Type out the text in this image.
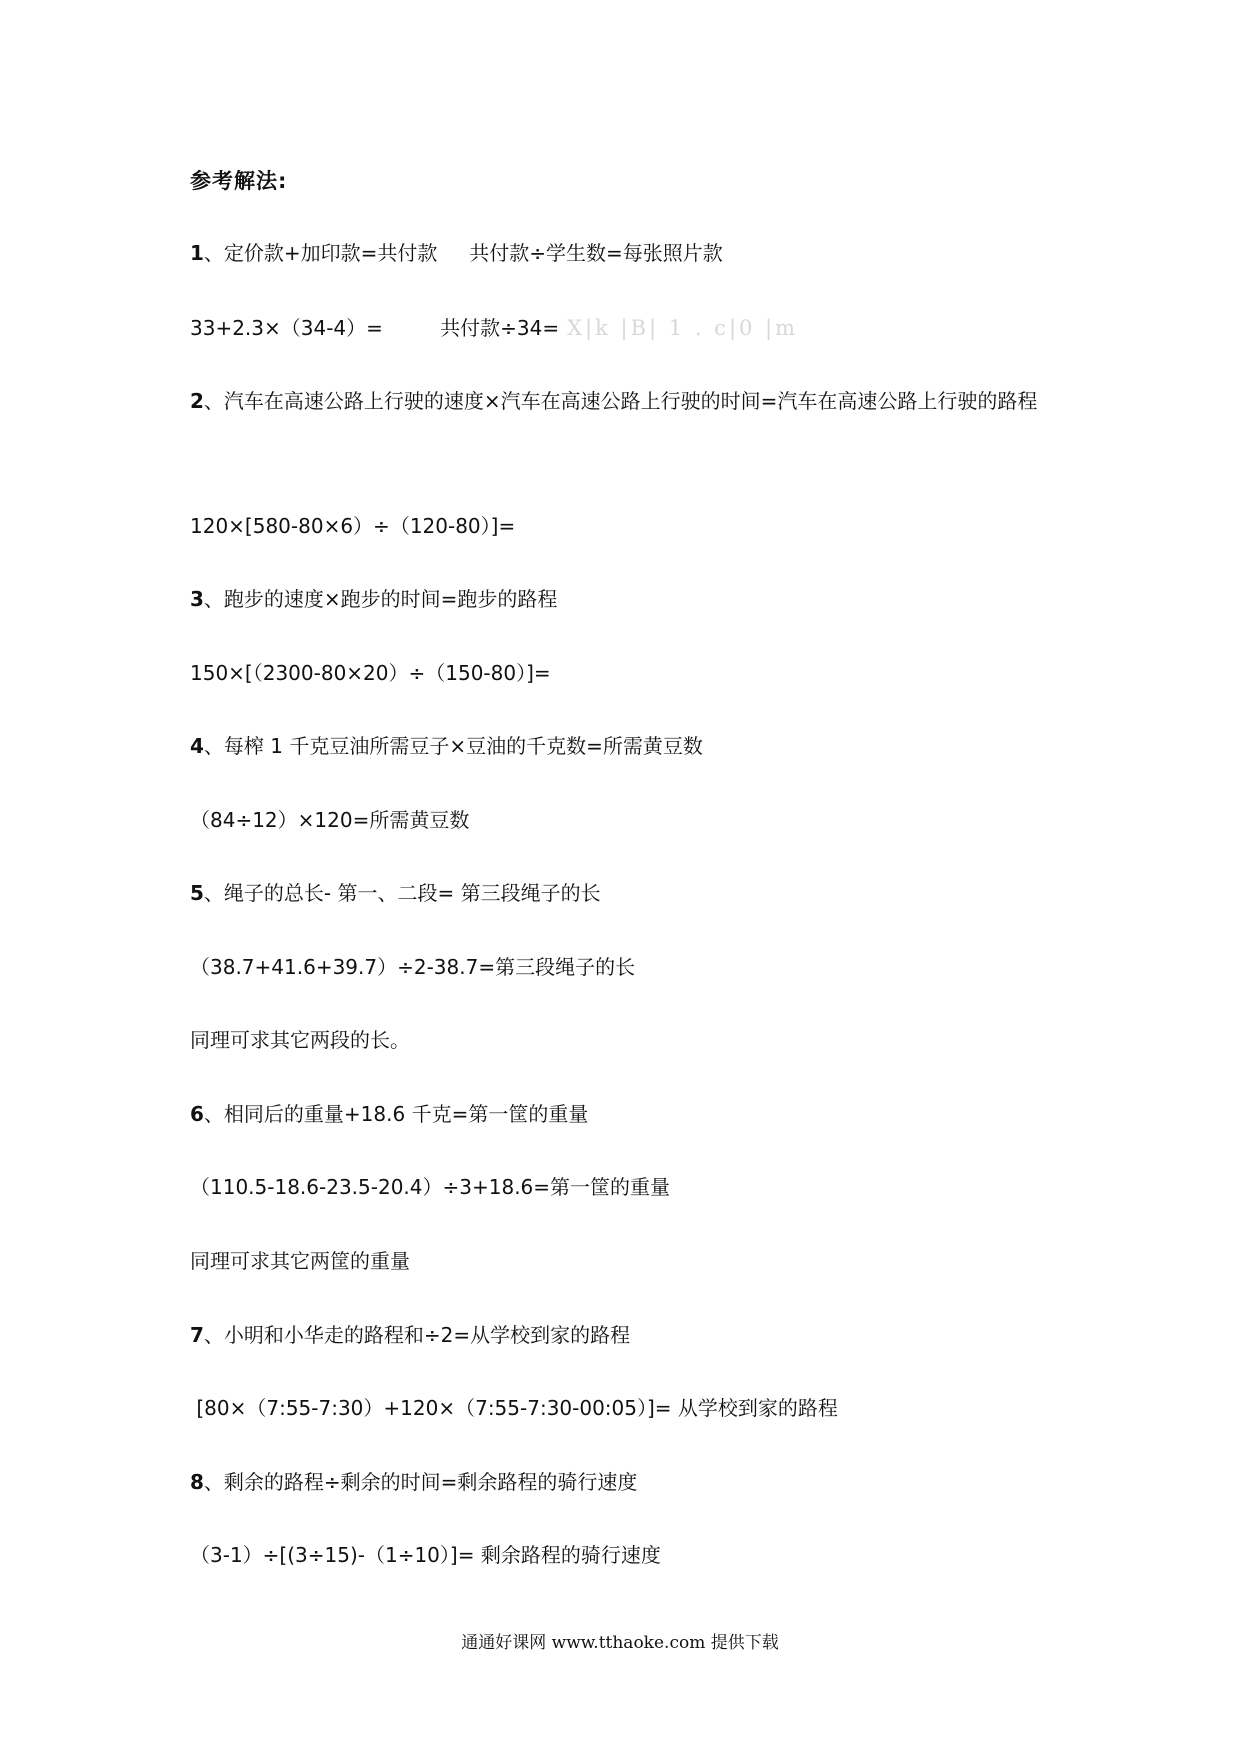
参考解法:
1、定价款+加印款=共付款     共付款÷学生数=每张照片款
33+2.3×（34-4）=         共付款÷34= X|k |B| 1 . c|0 |m
2、汽车在高速公路上行驶的速度×汽车在高速公路上行驶的时间=汽车在高速公路上行驶的路程
120×[580-80×6）÷（120-80）]=
3、跑步的速度×跑步的时间=跑步的路程
150×[（2300-80×20）÷（150-80）]=
4、每榨 1 千克豆油所需豆子×豆油的千克数=所需黄豆数
（84÷12）×120=所需黄豆数
5、绳子的总长- 第一、二段= 第三段绳子的长
（38.7+41.6+39.7）÷2-38.7=第三段绳子的长
同理可求其它两段的长。
6、相同后的重量+18.6 千克=第一筐的重量
（110.5-18.6-23.5-20.4）÷3+18.6=第一筐的重量
同理可求其它两筐的重量
7、小明和小华走的路程和÷2=从学校到家的路程
[80×（7:55-7:30）+120×（7:55-7:30-00:05）]= 从学校到家的路程
8、剩余的路程÷剩余的时间=剩余路程的骑行速度
（3-1）÷[(3÷15)-（1÷10）]= 剩余路程的骑行速度
通通好课网 www.tthaoke.com 提供下载
